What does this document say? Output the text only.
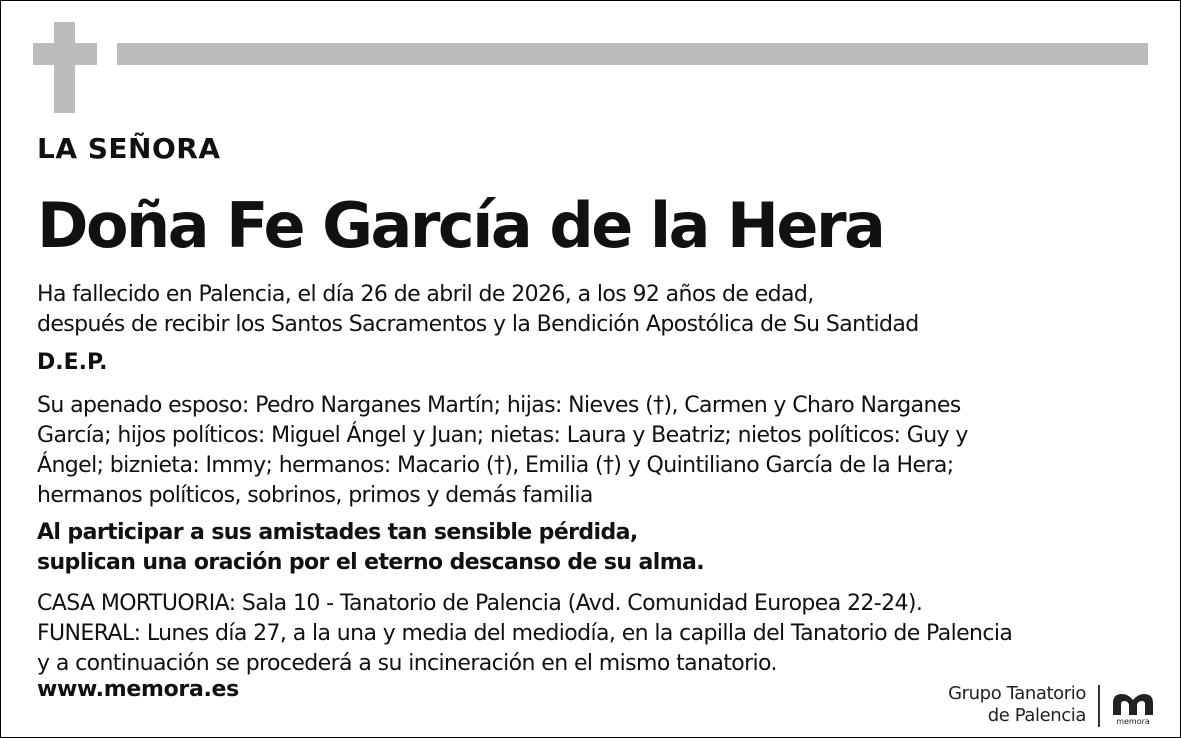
LA SEÑORA
Doña Fe García de la Hera
Ha fallecido en Palencia, el día 26 de abril de 2026, a los 92 años de edad,
después de recibir los Santos Sacramentos y la Bendición Apostólica de Su Santidad
D.E.P.
Su apenado esposo: Pedro Narganes Martín; hijas: Nieves (†), Carmen y Charo Narganes
García; hijos políticos: Miguel Ángel y Juan; nietas: Laura y Beatriz; nietos políticos: Guy y
Ángel; biznieta: Immy; hermanos: Macario (†), Emilia (†) y Quintiliano García de la Hera;
hermanos políticos, sobrinos, primos y demás familia
Al participar a sus amistades tan sensible pérdida,
suplican una oración por el eterno descanso de su alma.
CASA MORTUORIA: Sala 10 - Tanatorio de Palencia (Avd. Comunidad Europea 22-24).
FUNERAL: Lunes día 27, a la una y media del mediodía, en la capilla del Tanatorio de Palencia
y a continuación se procederá a su incineración en el mismo tanatorio.
www.memora.es	Grupo Tanatorio
de Palencia	memora
